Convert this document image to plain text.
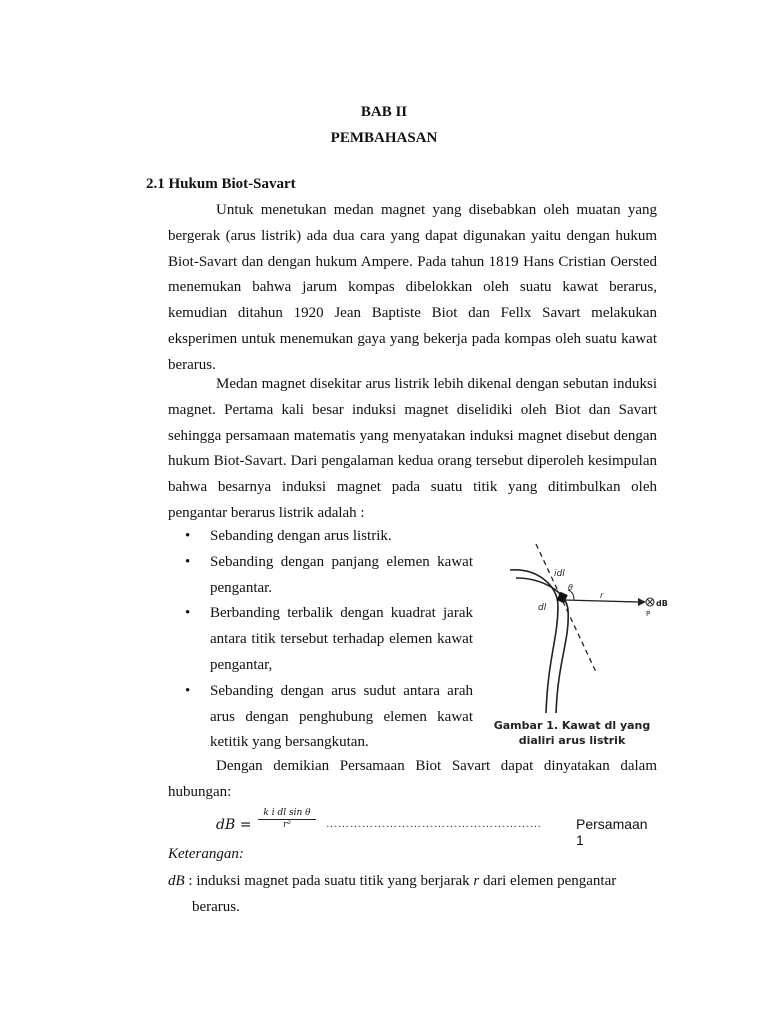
BAB II
PEMBAHASAN
2.1 Hukum Biot-Savart
Untuk menetukan medan magnet yang disebabkan oleh muatan yang bergerak (arus listrik) ada dua cara yang dapat digunakan yaitu dengan hukum Biot-Savart dan dengan hukum Ampere. Pada tahun 1819 Hans Cristian Oersted menemukan bahwa jarum kompas dibelokkan oleh suatu kawat berarus, kemudian ditahun 1920 Jean Baptiste Biot dan Fellx Savart melakukan eksperimen untuk menemukan gaya yang bekerja pada kompas oleh suatu kawat berarus.
Medan magnet disekitar arus listrik lebih dikenal dengan sebutan induksi magnet. Pertama kali besar induksi magnet diselidiki oleh Biot dan Savart sehingga persamaan matematis yang menyatakan induksi magnet disebut dengan hukum Biot-Savart. Dari pengalaman kedua orang tersebut diperoleh kesimpulan bahwa besarnya induksi magnet pada suatu titik yang ditimbulkan oleh pengantar berarus listrik adalah :
• Sebanding dengan arus listrik.
• Sebanding dengan panjang elemen kawat pengantar.
• Berbanding terbalik dengan kuadrat jarak antara titik tersebut terhadap elemen kawat pengantar,
• Sebanding dengan arus sudut antara arah arus dengan penghubung elemen kawat ketitik yang bersangkutan.
idl
θ
dl
r
dB
P
Gambar 1. Kawat dl yang
dialiri arus listrik
Dengan demikian Persamaan Biot Savart dapat dinyatakan dalam hubungan:
dB = $\frac{\text{k i dl sin θ}}{\text{r²}}$ ………………………………………………	Persamaan 1
Keterangan:
dB : induksi magnet pada suatu titik yang berjarak r dari elemen pengantar
berarus.
